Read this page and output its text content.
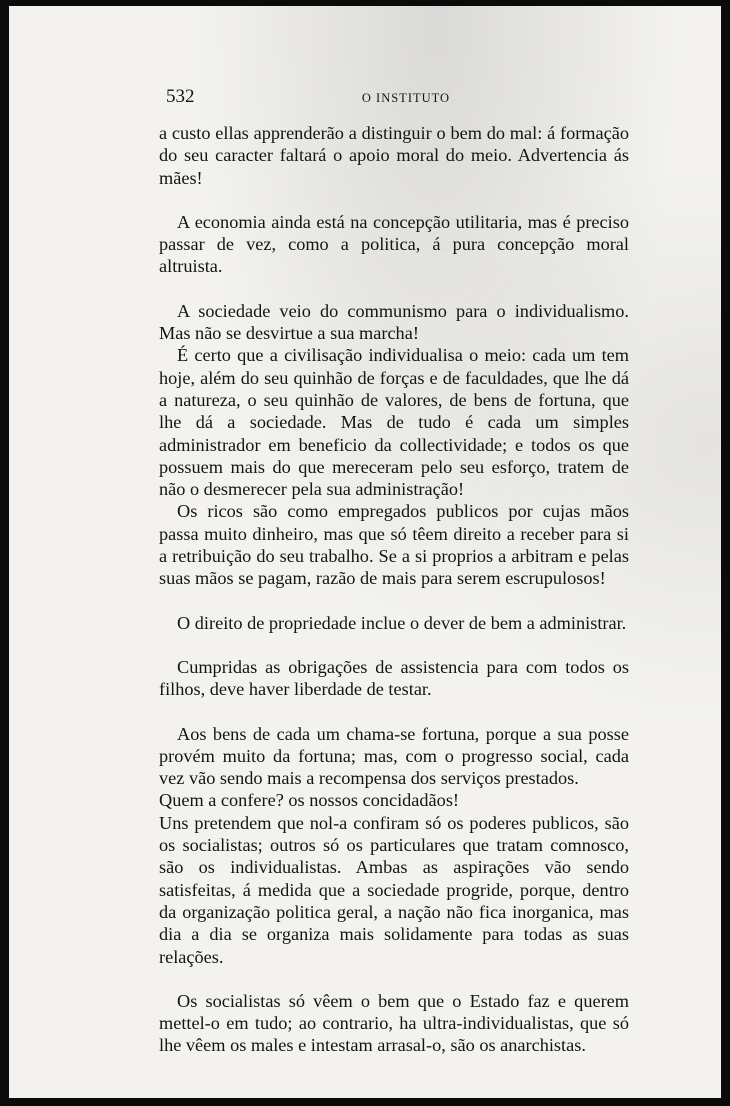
532	O INSTITUTO

a custo ellas apprenderão a distinguir o bem do mal: á formação do seu caracter faltará o apoio moral do meio. Advertencia ás mães!

A economia ainda está na concepção utilitaria, mas é preciso passar de vez, como a politica, á pura concepção moral altruista.

A sociedade veio do communismo para o individualismo. Mas não se desvirtue a sua marcha!

É certo que a civilisação individualisa o meio: cada um tem hoje, além do seu quinhão de forças e de faculdades, que lhe dá a natureza, o seu quinhão de valores, de bens de fortuna, que lhe dá a sociedade. Mas de tudo é cada um simples administrador em beneficio da collectividade; e todos os que possuem mais do que mereceram pelo seu esforço, tratem de não o desmerecer pela sua administração!

Os ricos são como empregados publicos por cujas mãos passa muito dinheiro, mas que só têem direito a receber para si a retribuição do seu trabalho. Se a si proprios a arbitram e pelas suas mãos se pagam, razão de mais para serem escrupulosos!

O direito de propriedade inclue o dever de bem a administrar.

Cumpridas as obrigações de assistencia para com todos os filhos, deve haver liberdade de testar.

Aos bens de cada um chama-se fortuna, porque a sua posse provém muito da fortuna; mas, com o progresso social, cada vez vão sendo mais a recompensa dos serviços prestados.

Quem a confere? os nossos concidadãos!

Uns pretendem que nol-a confiram só os poderes publicos, são os socialistas; outros só os particulares que tratam comnosco, são os individualistas. Ambas as aspirações vão sendo satisfeitas, á medida que a sociedade progride, porque, dentro da organização politica geral, a nação não fica inorganica, mas dia a dia se organiza mais solidamente para todas as suas relações.

Os socialistas só vêem o bem que o Estado faz e querem mettel-o em tudo; ao contrario, ha ultra-individualistas, que só lhe vêem os males e intestam arrasal-o, são os anarchistas.
